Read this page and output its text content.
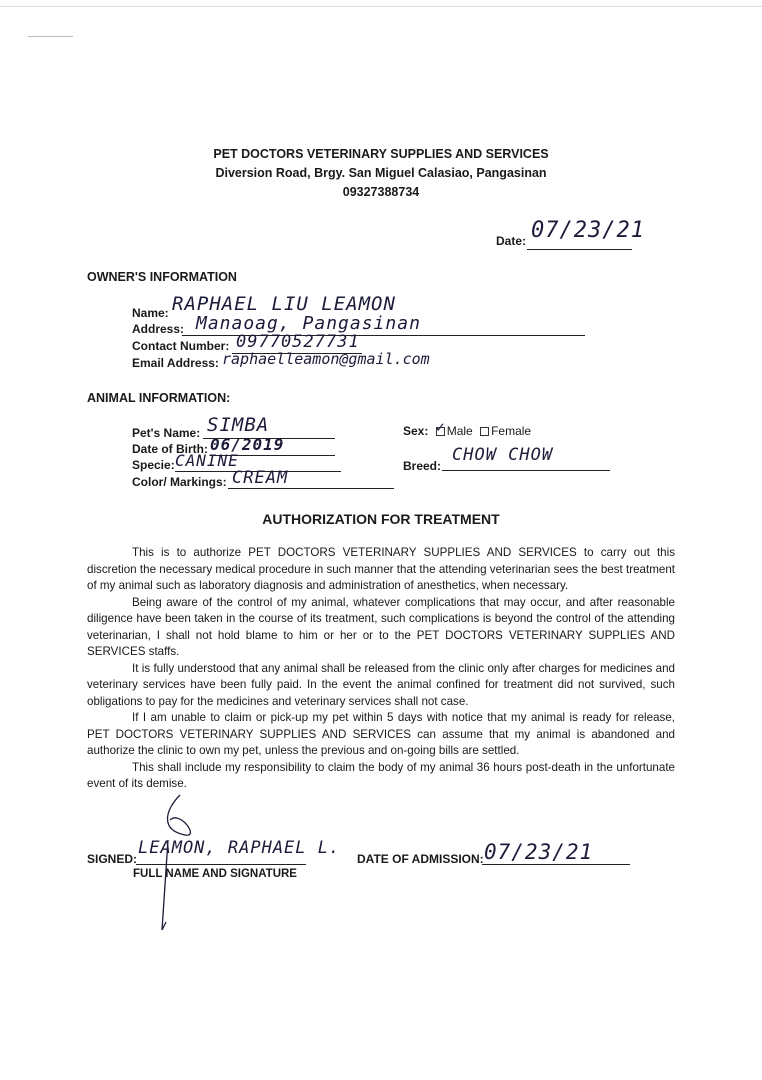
PET DOCTORS VETERINARY SUPPLIES AND SERVICES
Diversion Road, Brgy. San Miguel Calasiao, Pangasinan
09327388734
Date: 07/23/21
OWNER'S INFORMATION
Name: RAPHAEL LIU LEAMON
Address: Manaoag, Pangasinan
Contact Number: 09770527731
Email Address: raphaelleamon@gmail.com
ANIMAL INFORMATION:
Pet's Name: SIMBA
Date of Birth: 06/2019
Specie: CANINE
Color/ Markings: CREAM
Sex: ✓ Male Female
Breed:
CHOW CHOW
AUTHORIZATION FOR TREATMENT

This is to authorize PET DOCTORS VETERINARY SUPPLIES AND SERVICES to carry out this discretion the necessary medical procedure in such manner that the attending veterinarian sees the best treatment of my animal such as laboratory diagnosis and administration of anesthetics, when necessary.

Being aware of the control of my animal, whatever complications that may occur, and after reasonable diligence have been taken in the course of its treatment, such complications is beyond the control of the attending veterinarian, I shall not hold blame to him or her or to the PET DOCTORS VETERINARY SUPPLIES AND SERVICES staffs.

It is fully understood that any animal shall be released from the clinic only after charges for medicines and veterinary services have been fully paid. In the event the animal confined for treatment did not survived, such obligations to pay for the medicines and veterinary services shall not case.

If I am unable to claim or pick-up my pet within 5 days with notice that my animal is ready for release, PET DOCTORS VETERINARY SUPPLIES AND SERVICES can assume that my animal is abandoned and authorize the clinic to own my pet, unless the previous and on-going bills are settled.

This shall include my responsibility to claim the body of my animal 36 hours post-death in the unfortunate event of its demise.

SIGNED:
LEAMON, RAPHAEL L.
FULL NAME AND SIGNATURE
DATE OF ADMISSION: 07/23/21
